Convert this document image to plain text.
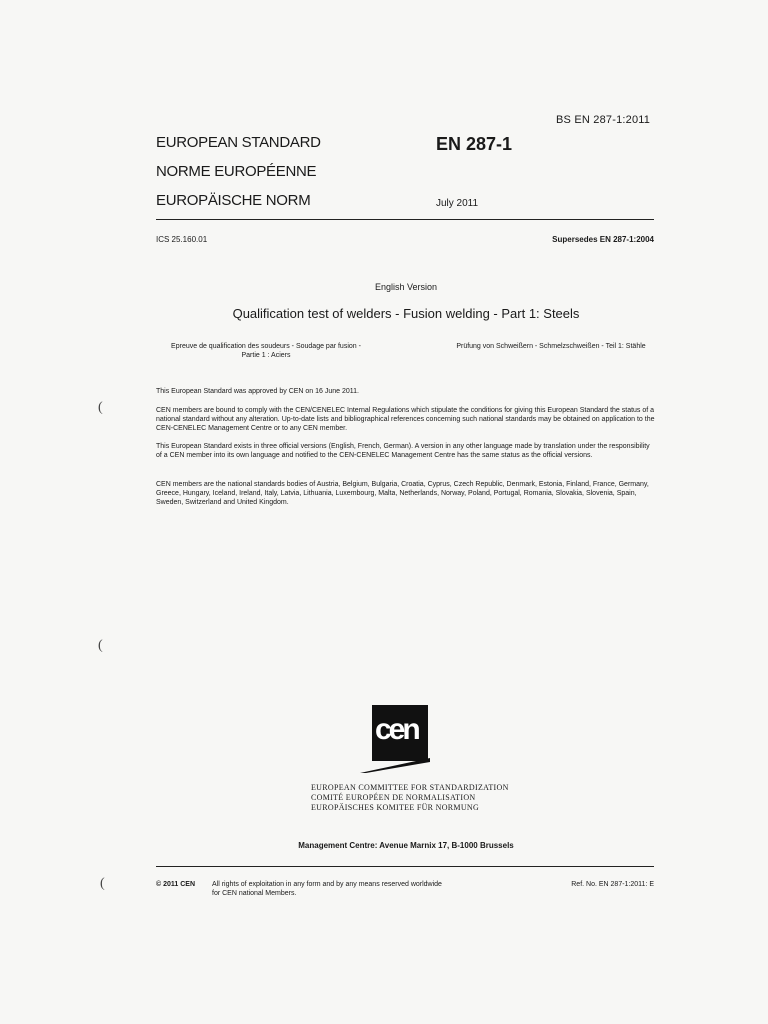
BS EN 287-1:2011
EUROPEAN STANDARD
NORME EUROPÉENNE
EUROPÄISCHE NORM
EN 287-1
July 2011
ICS 25.160.01	Supersedes EN 287-1:2004
English Version
Qualification test of welders - Fusion welding - Part 1: Steels
Epreuve de qualification des soudeurs - Soudage par fusion - Partie 1 : Aciers
Prüfung von Schweißern - Schmelzschweißen - Teil 1: Stähle
This European Standard was approved by CEN on 16 June 2011.
CEN members are bound to comply with the CEN/CENELEC Internal Regulations which stipulate the conditions for giving this European Standard the status of a national standard without any alteration. Up-to-date lists and bibliographical references concerning such national standards may be obtained on application to the CEN-CENELEC Management Centre or to any CEN member.
This European Standard exists in three official versions (English, French, German). A version in any other language made by translation under the responsibility of a CEN member into its own language and notified to the CEN-CENELEC Management Centre has the same status as the official versions.
CEN members are the national standards bodies of Austria, Belgium, Bulgaria, Croatia, Cyprus, Czech Republic, Denmark, Estonia, Finland, France, Germany, Greece, Hungary, Iceland, Ireland, Italy, Latvia, Lithuania, Luxembourg, Malta, Netherlands, Norway, Poland, Portugal, Romania, Slovakia, Slovenia, Spain, Sweden, Switzerland and United Kingdom.
cen
EUROPEAN COMMITTEE FOR STANDARDIZATION
COMITÉ EUROPÉEN DE NORMALISATION
EUROPÄISCHES KOMITEE FÜR NORMUNG
Management Centre: Avenue Marnix 17, B-1000 Brussels
© 2011 CEN All rights of exploitation in any form and by any means reserved worldwide for CEN national Members.
Ref. No. EN 287-1:2011: E
(
(
(
